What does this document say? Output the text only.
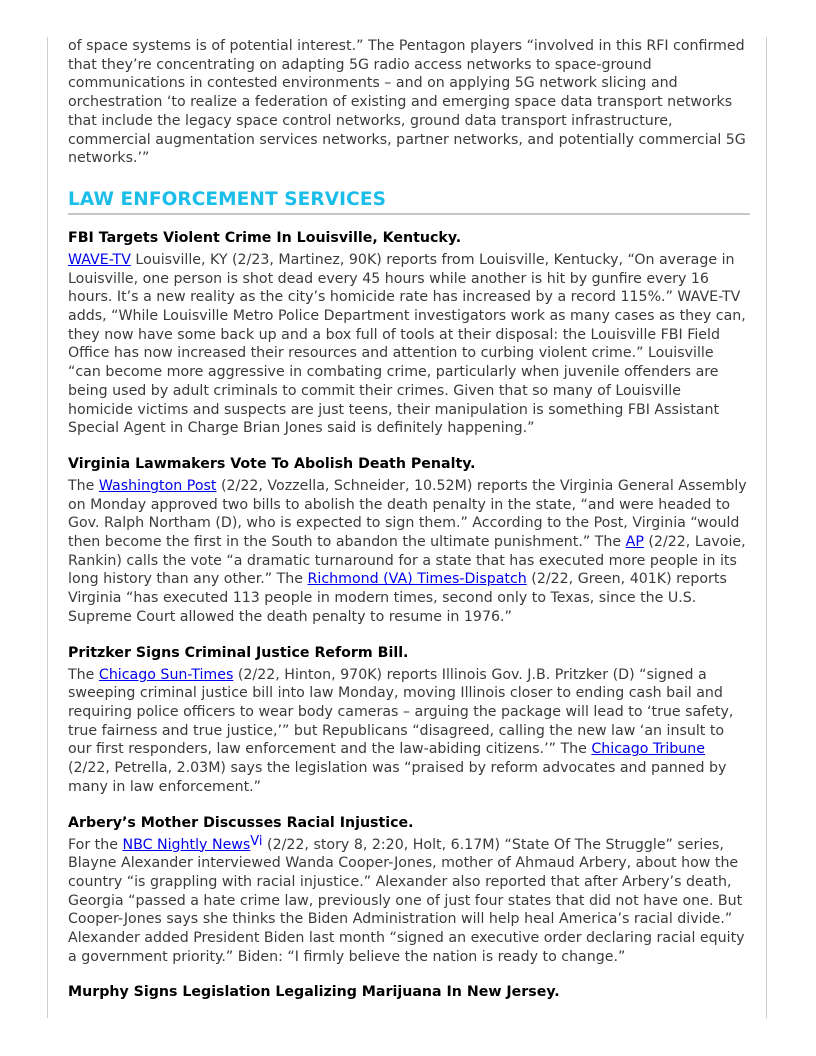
of space systems is of potential interest.” The Pentagon players “involved in this RFI confirmed that they’re concentrating on adapting 5G radio access networks to space-ground communications in contested environments – and on applying 5G network slicing and orchestration ‘to realize a federation of existing and emerging space data transport networks that include the legacy space control networks, ground data transport infrastructure, commercial augmentation services networks, partner networks, and potentially commercial 5G networks.’”

LAW ENFORCEMENT SERVICES
FBI Targets Violent Crime In Louisville, Kentucky.

WAVE-TV Louisville, KY (2/23, Martinez, 90K) reports from Louisville, Kentucky, “On average in Louisville, one person is shot dead every 45 hours while another is hit by gunfire every 16 hours. It’s a new reality as the city’s homicide rate has increased by a record 115%.” WAVE-TV adds, “While Louisville Metro Police Department investigators work as many cases as they can, they now have some back up and a box full of tools at their disposal: the Louisville FBI Field Office has now increased their resources and attention to curbing violent crime.” Louisville “can become more aggressive in combating crime, particularly when juvenile offenders are being used by adult criminals to commit their crimes. Given that so many of Louisville homicide victims and suspects are just teens, their manipulation is something FBI Assistant Special Agent in Charge Brian Jones said is definitely happening.”

Virginia Lawmakers Vote To Abolish Death Penalty.

The Washington Post (2/22, Vozzella, Schneider, 10.52M) reports the Virginia General Assembly on Monday approved two bills to abolish the death penalty in the state, “and were headed to Gov. Ralph Northam (D), who is expected to sign them.” According to the Post, Virginia “would then become the first in the South to abandon the ultimate punishment.” The AP (2/22, Lavoie, Rankin) calls the vote “a dramatic turnaround for a state that has executed more people in its long history than any other.” The Richmond (VA) Times-Dispatch (2/22, Green, 401K) reports Virginia “has executed 113 people in modern times, second only to Texas, since the U.S. Supreme Court allowed the death penalty to resume in 1976.”

Pritzker Signs Criminal Justice Reform Bill.

The Chicago Sun-Times (2/22, Hinton, 970K) reports Illinois Gov. J.B. Pritzker (D) “signed a sweeping criminal justice bill into law Monday, moving Illinois closer to ending cash bail and requiring police officers to wear body cameras – arguing the package will lead to ‘true safety, true fairness and true justice,’” but Republicans “disagreed, calling the new law ‘an insult to our first responders, law enforcement and the law-abiding citizens.’” The Chicago Tribune (2/22, Petrella, 2.03M) says the legislation was “praised by reform advocates and panned by many in law enforcement.”

Arbery’s Mother Discusses Racial Injustice.

For the NBC Nightly News$^{Vi}$ (2/22, story 8, 2:20, Holt, 6.17M) “State Of The Struggle” series, Blayne Alexander interviewed Wanda Cooper-Jones, mother of Ahmaud Arbery, about how the country “is grappling with racial injustice.” Alexander also reported that after Arbery’s death, Georgia “passed a hate crime law, previously one of just four states that did not have one. But Cooper-Jones says she thinks the Biden Administration will help heal America’s racial divide.” Alexander added President Biden last month “signed an executive order declaring racial equity a government priority.” Biden: “I firmly believe the nation is ready to change.”

Murphy Signs Legislation Legalizing Marijuana In New Jersey.
